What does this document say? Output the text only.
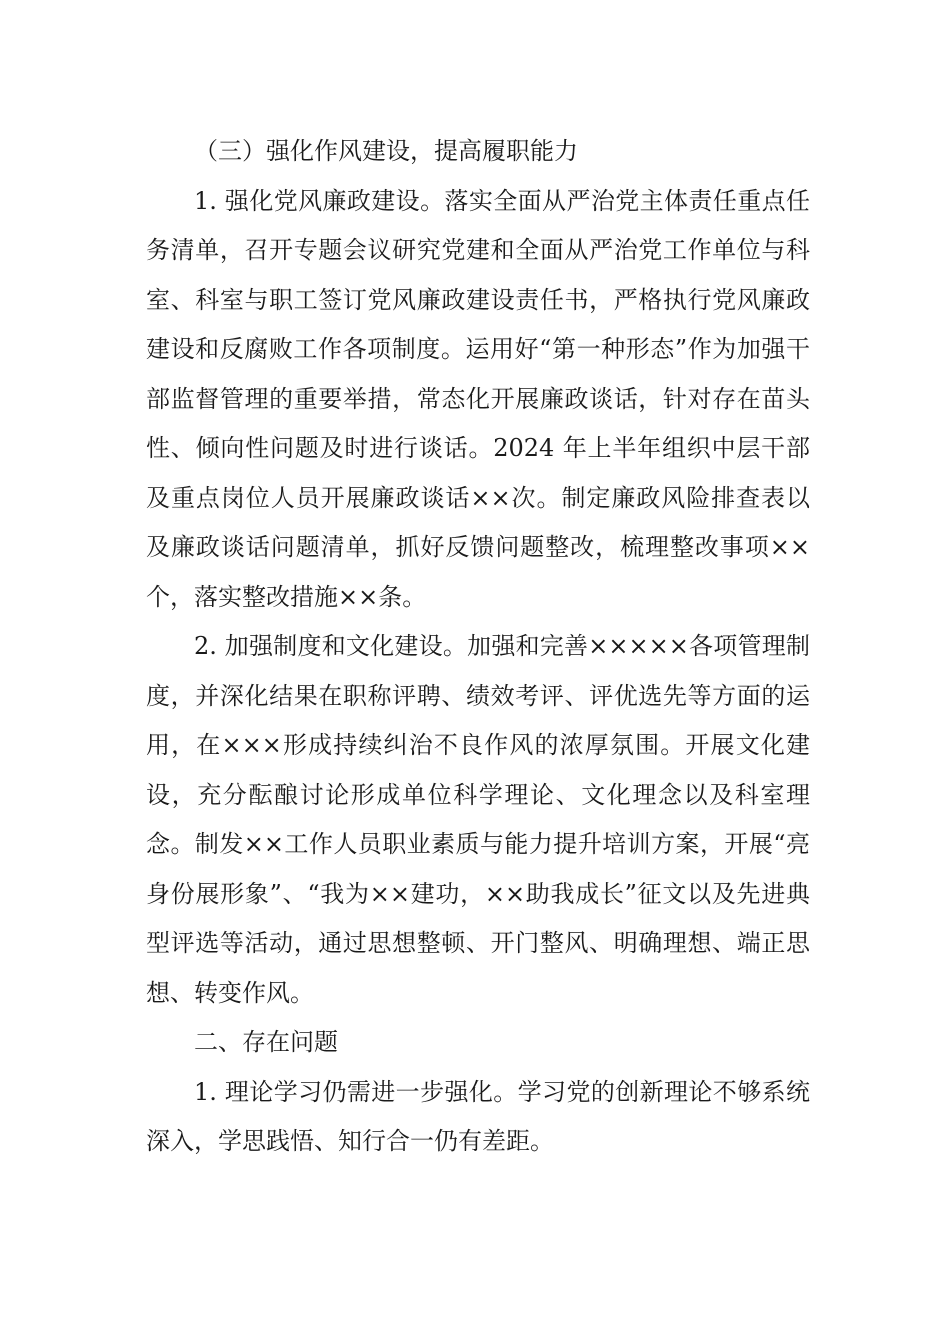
（三）强化作风建设，提高履职能力

1. 强化党风廉政建设。落实全面从严治党主体责任重点任务清单，召开专题会议研究党建和全面从严治党工作单位与科室、科室与职工签订党风廉政建设责任书，严格执行党风廉政建设和反腐败工作各项制度。运用好“第一种形态”作为加强干部监督管理的重要举措，常态化开展廉政谈话，针对存在苗头性、倾向性问题及时进行谈话。2024 年上半年组织中层干部及重点岗位人员开展廉政谈话××次。制定廉政风险排查表以及廉政谈话问题清单，抓好反馈问题整改，梳理整改事项××个，落实整改措施××条。

2. 加强制度和文化建设。加强和完善×××××各项管理制度，并深化结果在职称评聘、绩效考评、评优选先等方面的运用，在×××形成持续纠治不良作风的浓厚氛围。开展文化建设，充分酝酿讨论形成单位科学理论、文化理念以及科室理念。制发××工作人员职业素质与能力提升培训方案，开展“亮身份展形象”、“我为××建功，××助我成长”征文以及先进典型评选等活动，通过思想整顿、开门整风、明确理想、端正思想、转变作风。

二、存在问题

1. 理论学习仍需进一步强化。学习党的创新理论不够系统深入，学思践悟、知行合一仍有差距。
